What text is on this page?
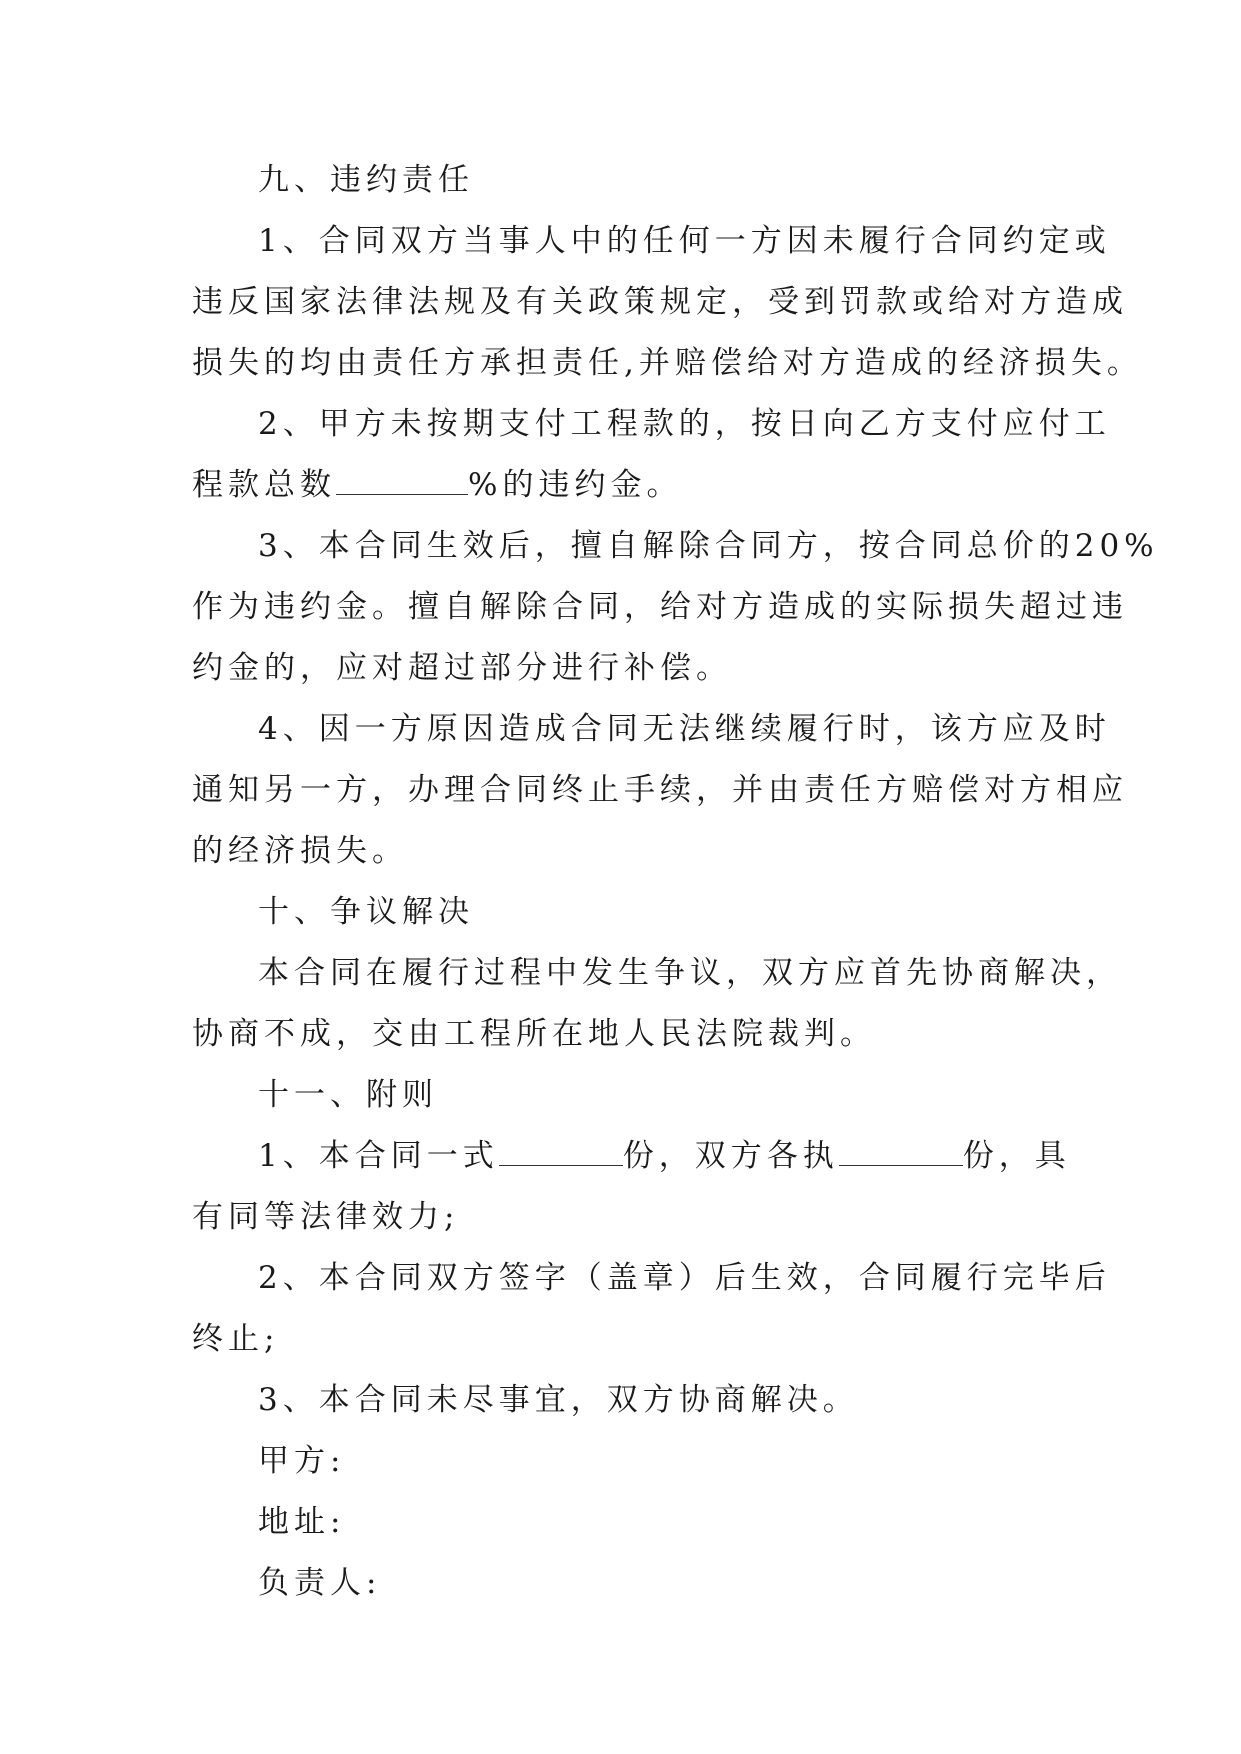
九、违约责任
1、合同双方当事人中的任何一方因未履行合同约定或
违反国家法律法规及有关政策规定，受到罚款或给对方造成
损失的均由责任方承担责任,并赔偿给对方造成的经济损失。
2、甲方未按期支付工程款的，按日向乙方支付应付工
程款总数	%的违约金。
3、本合同生效后，擅自解除合同方，按合同总价的20%
作为违约金。擅自解除合同，给对方造成的实际损失超过违
约金的，应对超过部分进行补偿。
4、因一方原因造成合同无法继续履行时，该方应及时
通知另一方，办理合同终止手续，并由责任方赔偿对方相应
的经济损失。
十、争议解决
本合同在履行过程中发生争议，双方应首先协商解决，
协商不成，交由工程所在地人民法院裁判。
十一、附则
1、本合同一式	份，双方各执	份，具
有同等法律效力;
2、本合同双方签字（盖章）后生效，合同履行完毕后
终止;
3、本合同未尽事宜，双方协商解决。
甲方:
地址:
负责人:
